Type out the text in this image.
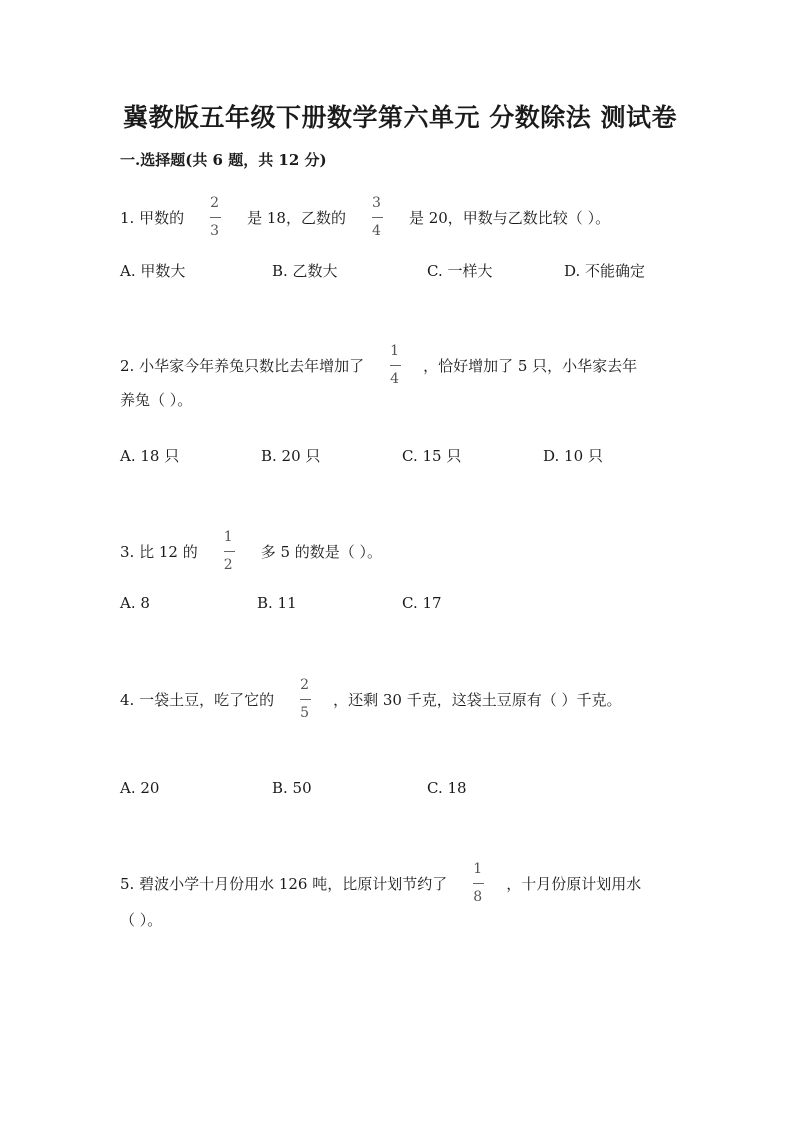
冀教版五年级下册数学第六单元 分数除法 测试卷
一.选择题(共 6 题，共 12 分)
1. 甲数的 $\frac{2}{3}$ 是 18，乙数的 $\frac{3}{4}$ 是 20，甲数与乙数比较（ ）。
A. 甲数大	B. 乙数大	C. 一样大	D. 不能确定
2. 小华家今年养兔只数比去年增加了 $\frac{1}{4}$ ，恰好增加了 5 只，小华家去年
养兔（ ）。
A. 18 只	B. 20 只	C. 15 只	D. 10 只
3. 比 12 的 $\frac{1}{2}$ 多 5 的数是（ ）。
A. 8	B. 11	C. 17
4. 一袋土豆，吃了它的 $\frac{2}{5}$ ，还剩 30 千克，这袋土豆原有（ ）千克。
A. 20	B. 50	C. 18
5. 碧波小学十月份用水 126 吨，比原计划节约了 $\frac{1}{8}$ ，十月份原计划用水
（ ）。
